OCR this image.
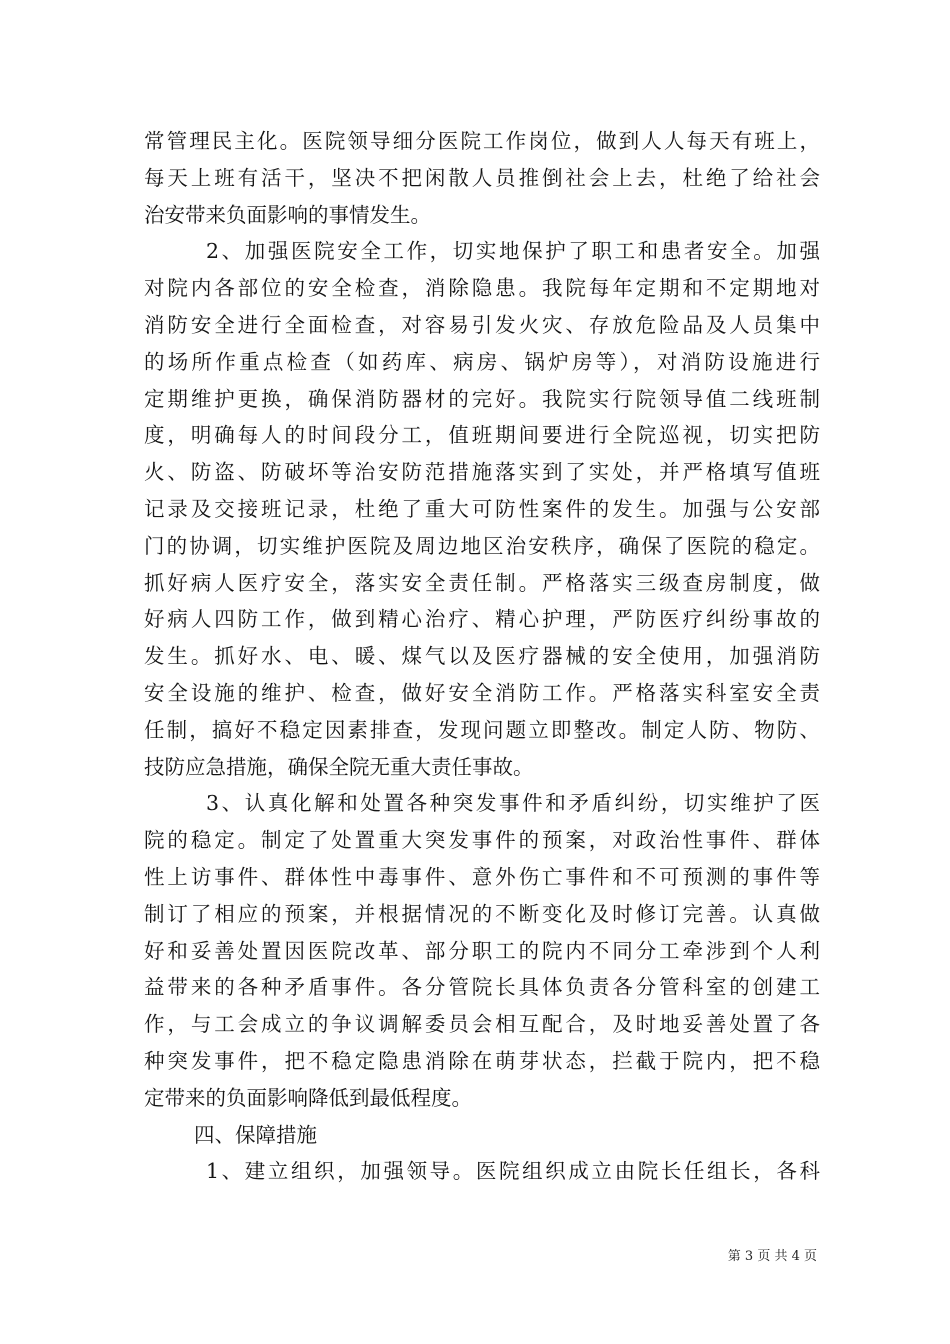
常管理民主化。医院领导细分医院工作岗位，做到人人每天有班上，
每天上班有活干，坚决不把闲散人员推倒社会上去，杜绝了给社会
治安带来负面影响的事情发生。
2、加强医院安全工作，切实地保护了职工和患者安全。加强
对院内各部位的安全检查，消除隐患。我院每年定期和不定期地对
消防安全进行全面检查，对容易引发火灾、存放危险品及人员集中
的场所作重点检查（如药库、病房、锅炉房等），对消防设施进行
定期维护更换，确保消防器材的完好。我院实行院领导值二线班制
度，明确每人的时间段分工，值班期间要进行全院巡视，切实把防
火、防盗、防破坏等治安防范措施落实到了实处，并严格填写值班
记录及交接班记录，杜绝了重大可防性案件的发生。加强与公安部
门的协调，切实维护医院及周边地区治安秩序，确保了医院的稳定。
抓好病人医疗安全，落实安全责任制。严格落实三级查房制度，做
好病人四防工作，做到精心治疗、精心护理，严防医疗纠纷事故的
发生。抓好水、电、暖、煤气以及医疗器械的安全使用，加强消防
安全设施的维护、检查，做好安全消防工作。严格落实科室安全责
任制，搞好不稳定因素排查，发现问题立即整改。制定人防、物防、
技防应急措施，确保全院无重大责任事故。
3、认真化解和处置各种突发事件和矛盾纠纷，切实维护了医
院的稳定。制定了处置重大突发事件的预案，对政治性事件、群体
性上访事件、群体性中毒事件、意外伤亡事件和不可预测的事件等
制订了相应的预案，并根据情况的不断变化及时修订完善。认真做
好和妥善处置因医院改革、部分职工的院内不同分工牵涉到个人利
益带来的各种矛盾事件。各分管院长具体负责各分管科室的创建工
作，与工会成立的争议调解委员会相互配合，及时地妥善处置了各
种突发事件，把不稳定隐患消除在萌芽状态，拦截于院内，把不稳
定带来的负面影响降低到最低程度。
四、保障措施
1、建立组织，加强领导。医院组织成立由院长任组长，各科
第 3 页 共 4 页
